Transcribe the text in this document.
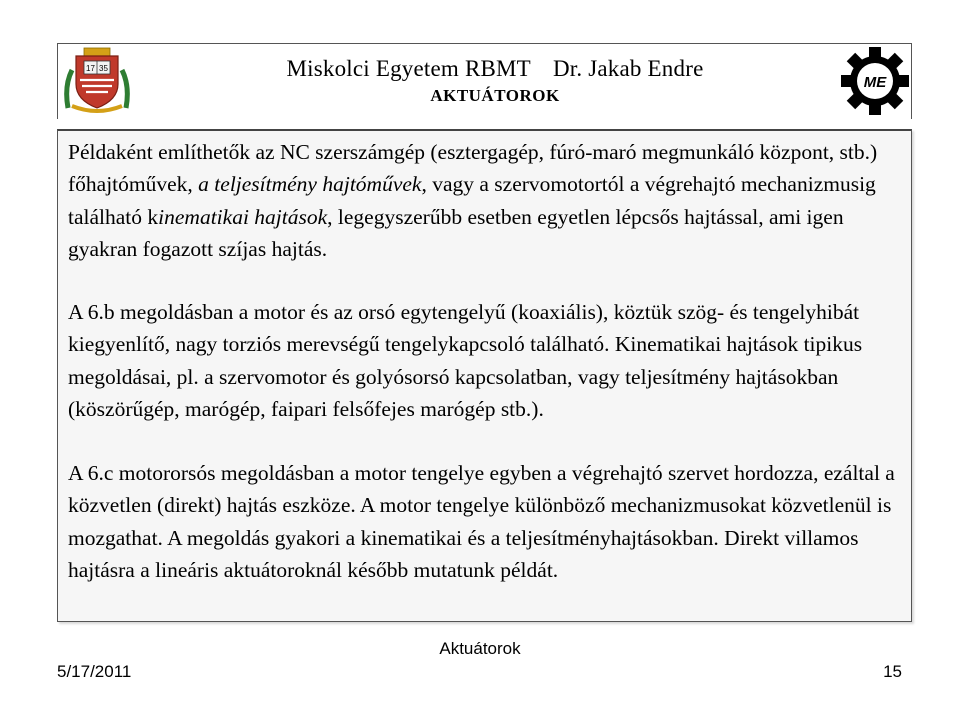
17 35	Miskolci Egyetem RBMT Dr. Jakab Endre
AKTUÁTOROK
ME

Példaként említhetők az NC szerszámgép (esztergagép, fúró-maró megmunkáló központ, stb.) főhajtóművek, a teljesítmény hajtóművek, vagy a szervomotortól a végrehajtó mechanizmusig található kinematikai hajtások, legegyszerűbb esetben egyetlen lépcsős hajtással, ami igen gyakran fogazott szíjas hajtás.

A 6.b megoldásban a motor és az orsó egytengelyű (koaxiális), köztük szög- és tengelyhibát kiegyenlítő, nagy torziós merevségű tengelykapcsoló található. Kinematikai hajtások tipikus megoldásai, pl. a szervomotor és golyósorsó kapcsolatban, vagy teljesítmény hajtásokban (köszörűgép, marógép, faipari felsőfejes marógép stb.).

A 6.c motororsós megoldásban a motor tengelye egyben a végrehajtó szervet hordozza, ezáltal a közvetlen (direkt) hajtás eszköze. A motor tengelye különböző mechanizmusokat közvetlenül is mozgathat. A megoldás gyakori a kinematikai és a teljesítményhajtásokban. Direkt villamos hajtásra a lineáris aktuátoroknál később mutatunk példát.

5/17/2011
Aktuátorok
15
